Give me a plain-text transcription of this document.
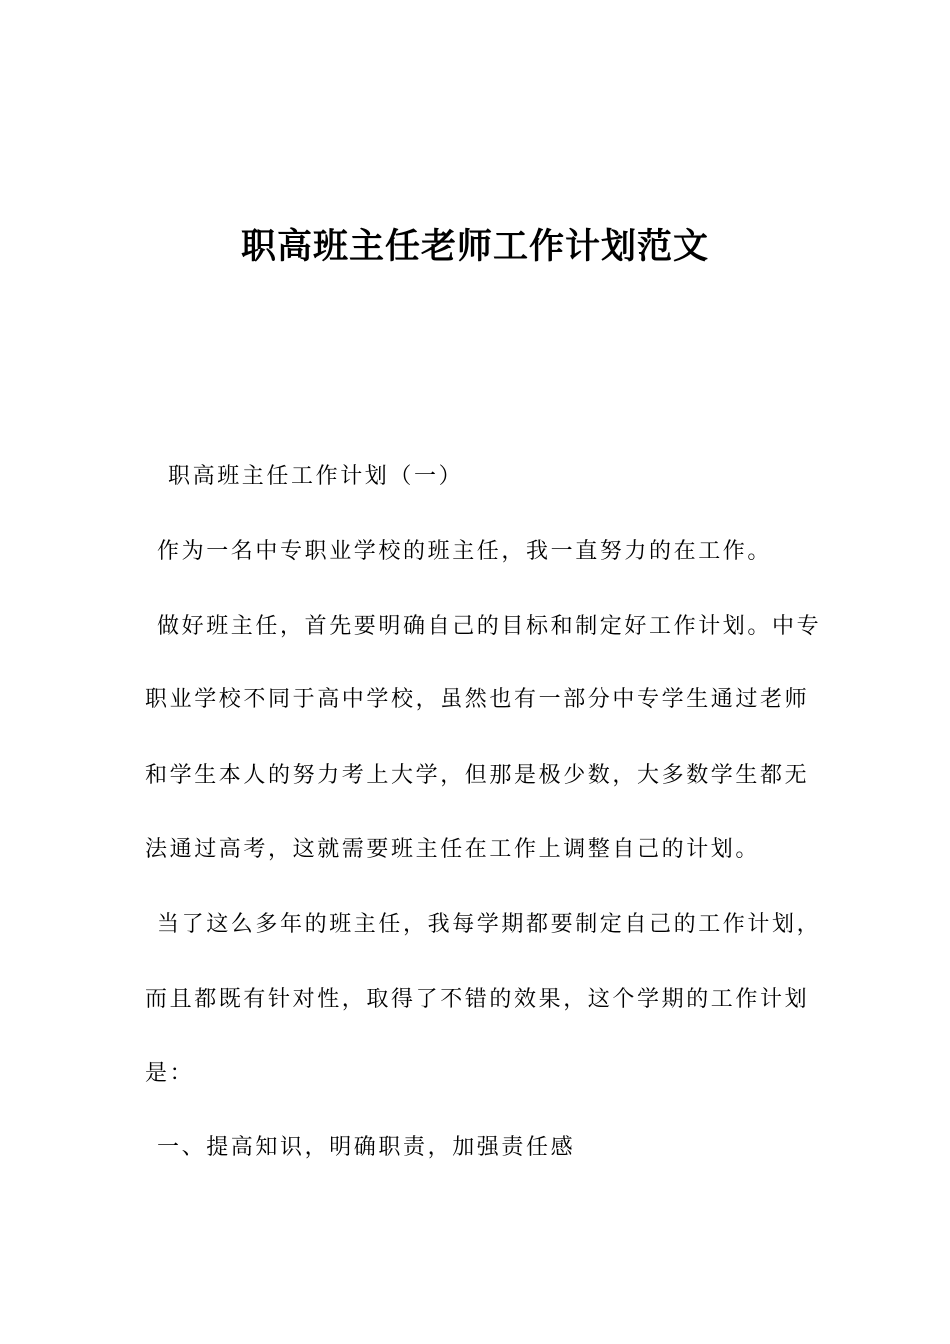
职高班主任老师工作计划范文
职高班主任工作计划（一）
作为一名中专职业学校的班主任，我一直努力的在工作。
做好班主任，首先要明确自己的目标和制定好工作计划。中专
职业学校不同于高中学校，虽然也有一部分中专学生通过老师
和学生本人的努力考上大学，但那是极少数，大多数学生都无
法通过高考，这就需要班主任在工作上调整自己的计划。
当了这么多年的班主任，我每学期都要制定自己的工作计划，
而且都既有针对性，取得了不错的效果，这个学期的工作计划
是：
一、提高知识，明确职责，加强责任感
